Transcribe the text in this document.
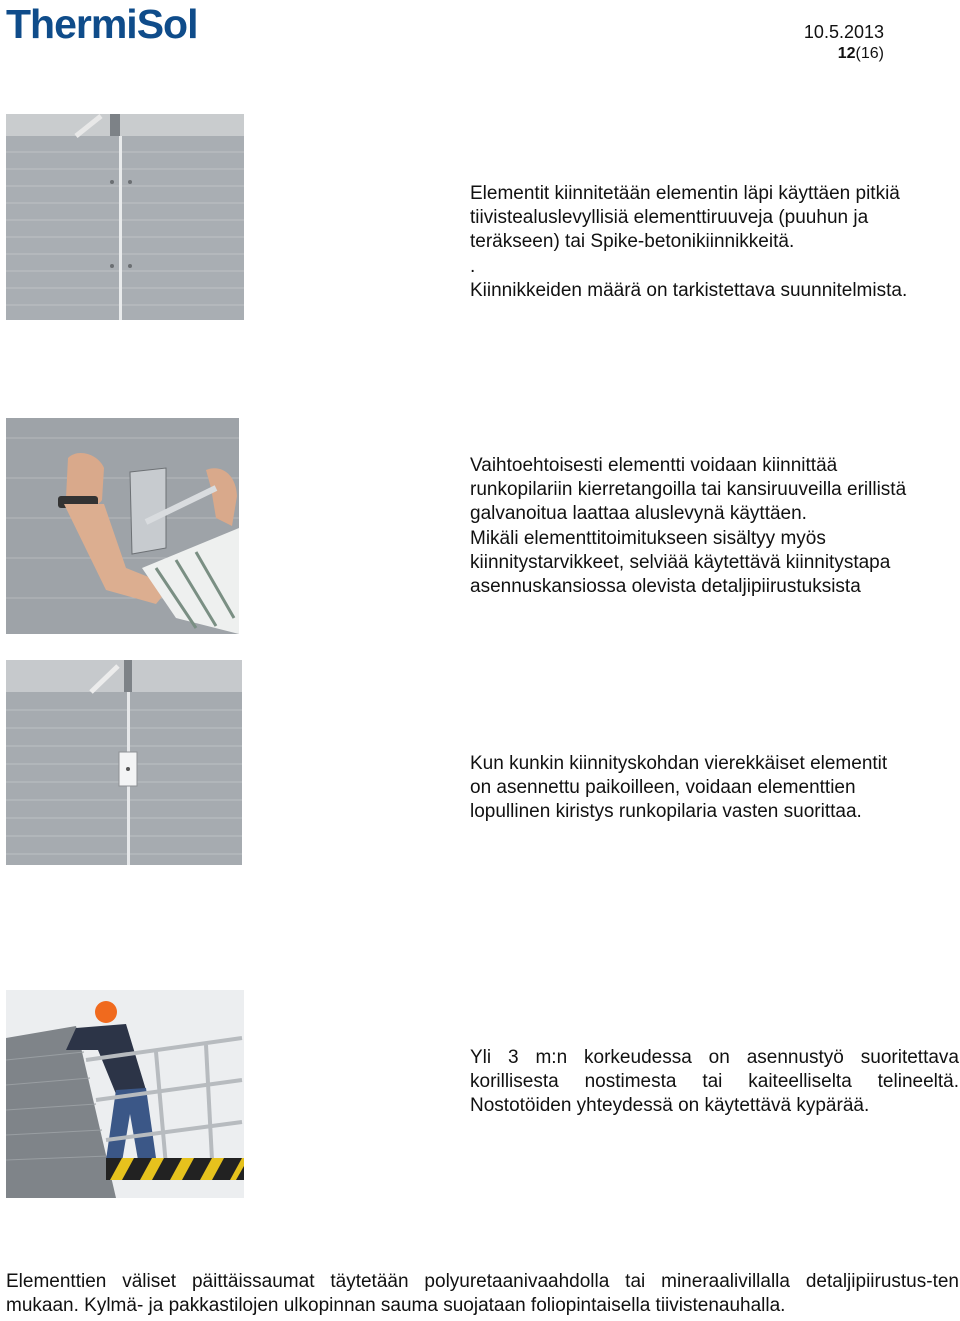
ThermiSol	10.5.2013
12(16)

Elementit kiinnitetään elementin läpi käyttäen pitkiä

tiivistealuslevyllisiä elementtiruuveja (puuhun ja

teräkseen) tai Spike-betonikiinnikkeitä.

.

Kiinnikkeiden määrä on tarkistettava suunnitelmista.

Vaihtoehtoisesti elementti voidaan kiinnittää

runkopilariin kierretangoilla tai kansiruuveilla erillistä

galvanoitua laattaa aluslevynä käyttäen.

Mikäli elementtitoimitukseen sisältyy myös

kiinnitystarvikkeet, selviää käytettävä kiinnitystapa

asennuskansiossa olevista detaljipiirustuksista

Kun kunkin kiinnityskohdan vierekkäiset elementit

on asennettu paikoilleen, voidaan elementtien

lopullinen kiristys runkopilaria vasten suorittaa.

Yli 3 m:n korkeudessa on asennustyö suoritettava korillisesta nostimesta tai kaiteelliselta telineeltä. Nostotöiden yhteydessä on käytettävä kypärää.
Elementtien väliset päittäissaumat täytetään polyuretaanivaahdolla tai mineraalivillalla detaljipiirustus-ten mukaan. Kylmä- ja pakkastilojen ulkopinnan sauma suojataan foliopintaisella tiivistenauhalla.
